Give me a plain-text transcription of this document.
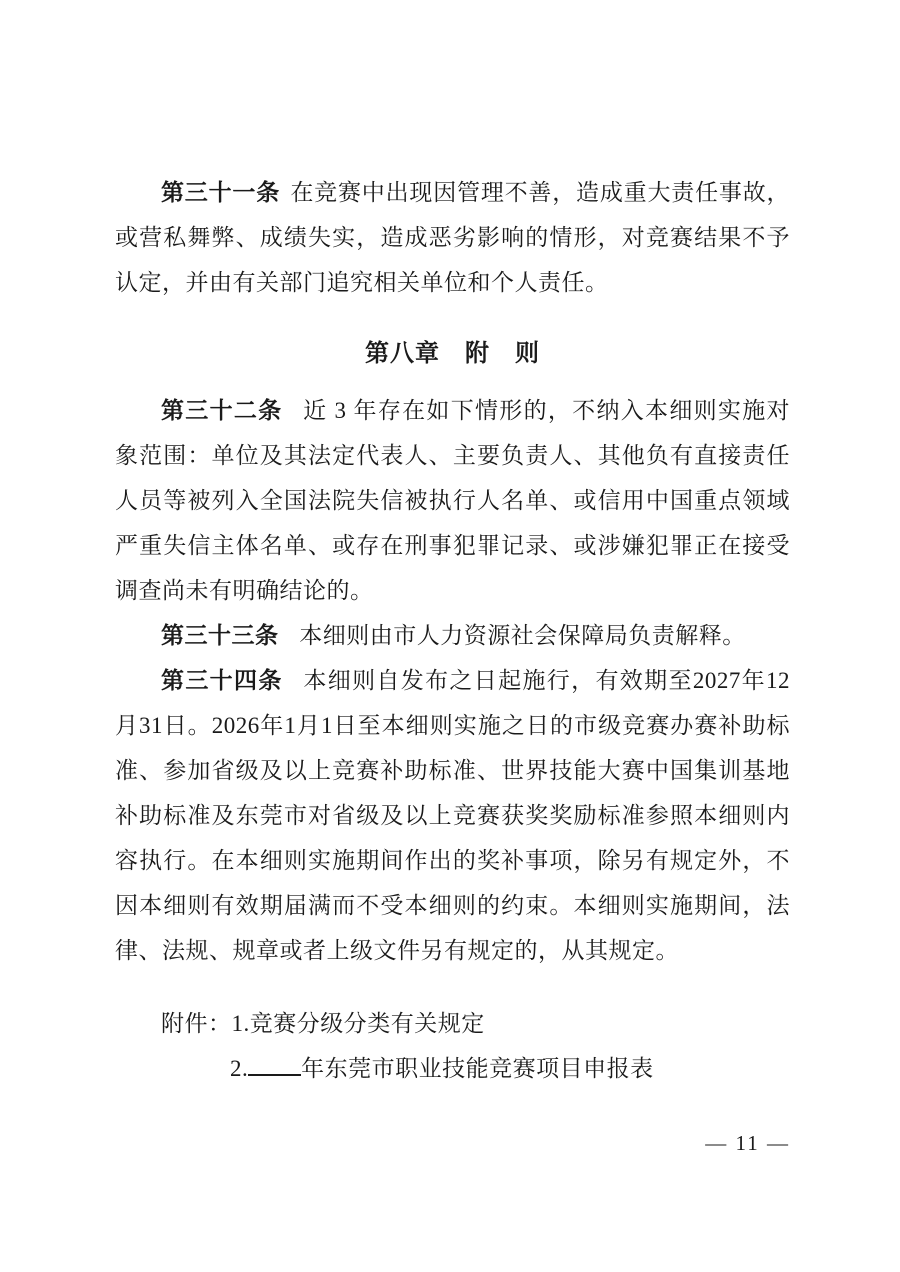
第三十一条 在竞赛中出现因管理不善，造成重大责任事故，或营私舞弊、成绩失实，造成恶劣影响的情形，对竞赛结果不予认定，并由有关部门追究相关单位和个人责任。

第八章　附　则

第三十二条 近 3 年存在如下情形的，不纳入本细则实施对象范围：单位及其法定代表人、主要负责人、其他负有直接责任人员等被列入全国法院失信被执行人名单、或信用中国重点领域严重失信主体名单、或存在刑事犯罪记录、或涉嫌犯罪正在接受调查尚未有明确结论的。

第三十三条 本细则由市人力资源社会保障局负责解释。

第三十四条 本细则自发布之日起施行，有效期至2027年12月31日。2026年1月1日至本细则实施之日的市级竞赛办赛补助标准、参加省级及以上竞赛补助标准、世界技能大赛中国集训基地补助标准及东莞市对省级及以上竞赛获奖奖励标准参照本细则内容执行。在本细则实施期间作出的奖补事项，除另有规定外，不因本细则有效期届满而不受本细则的约束。本细则实施期间，法律、法规、规章或者上级文件另有规定的，从其规定。

附件：1.竞赛分级分类有关规定

2. 年东莞市职业技能竞赛项目申报表

— 11 —
